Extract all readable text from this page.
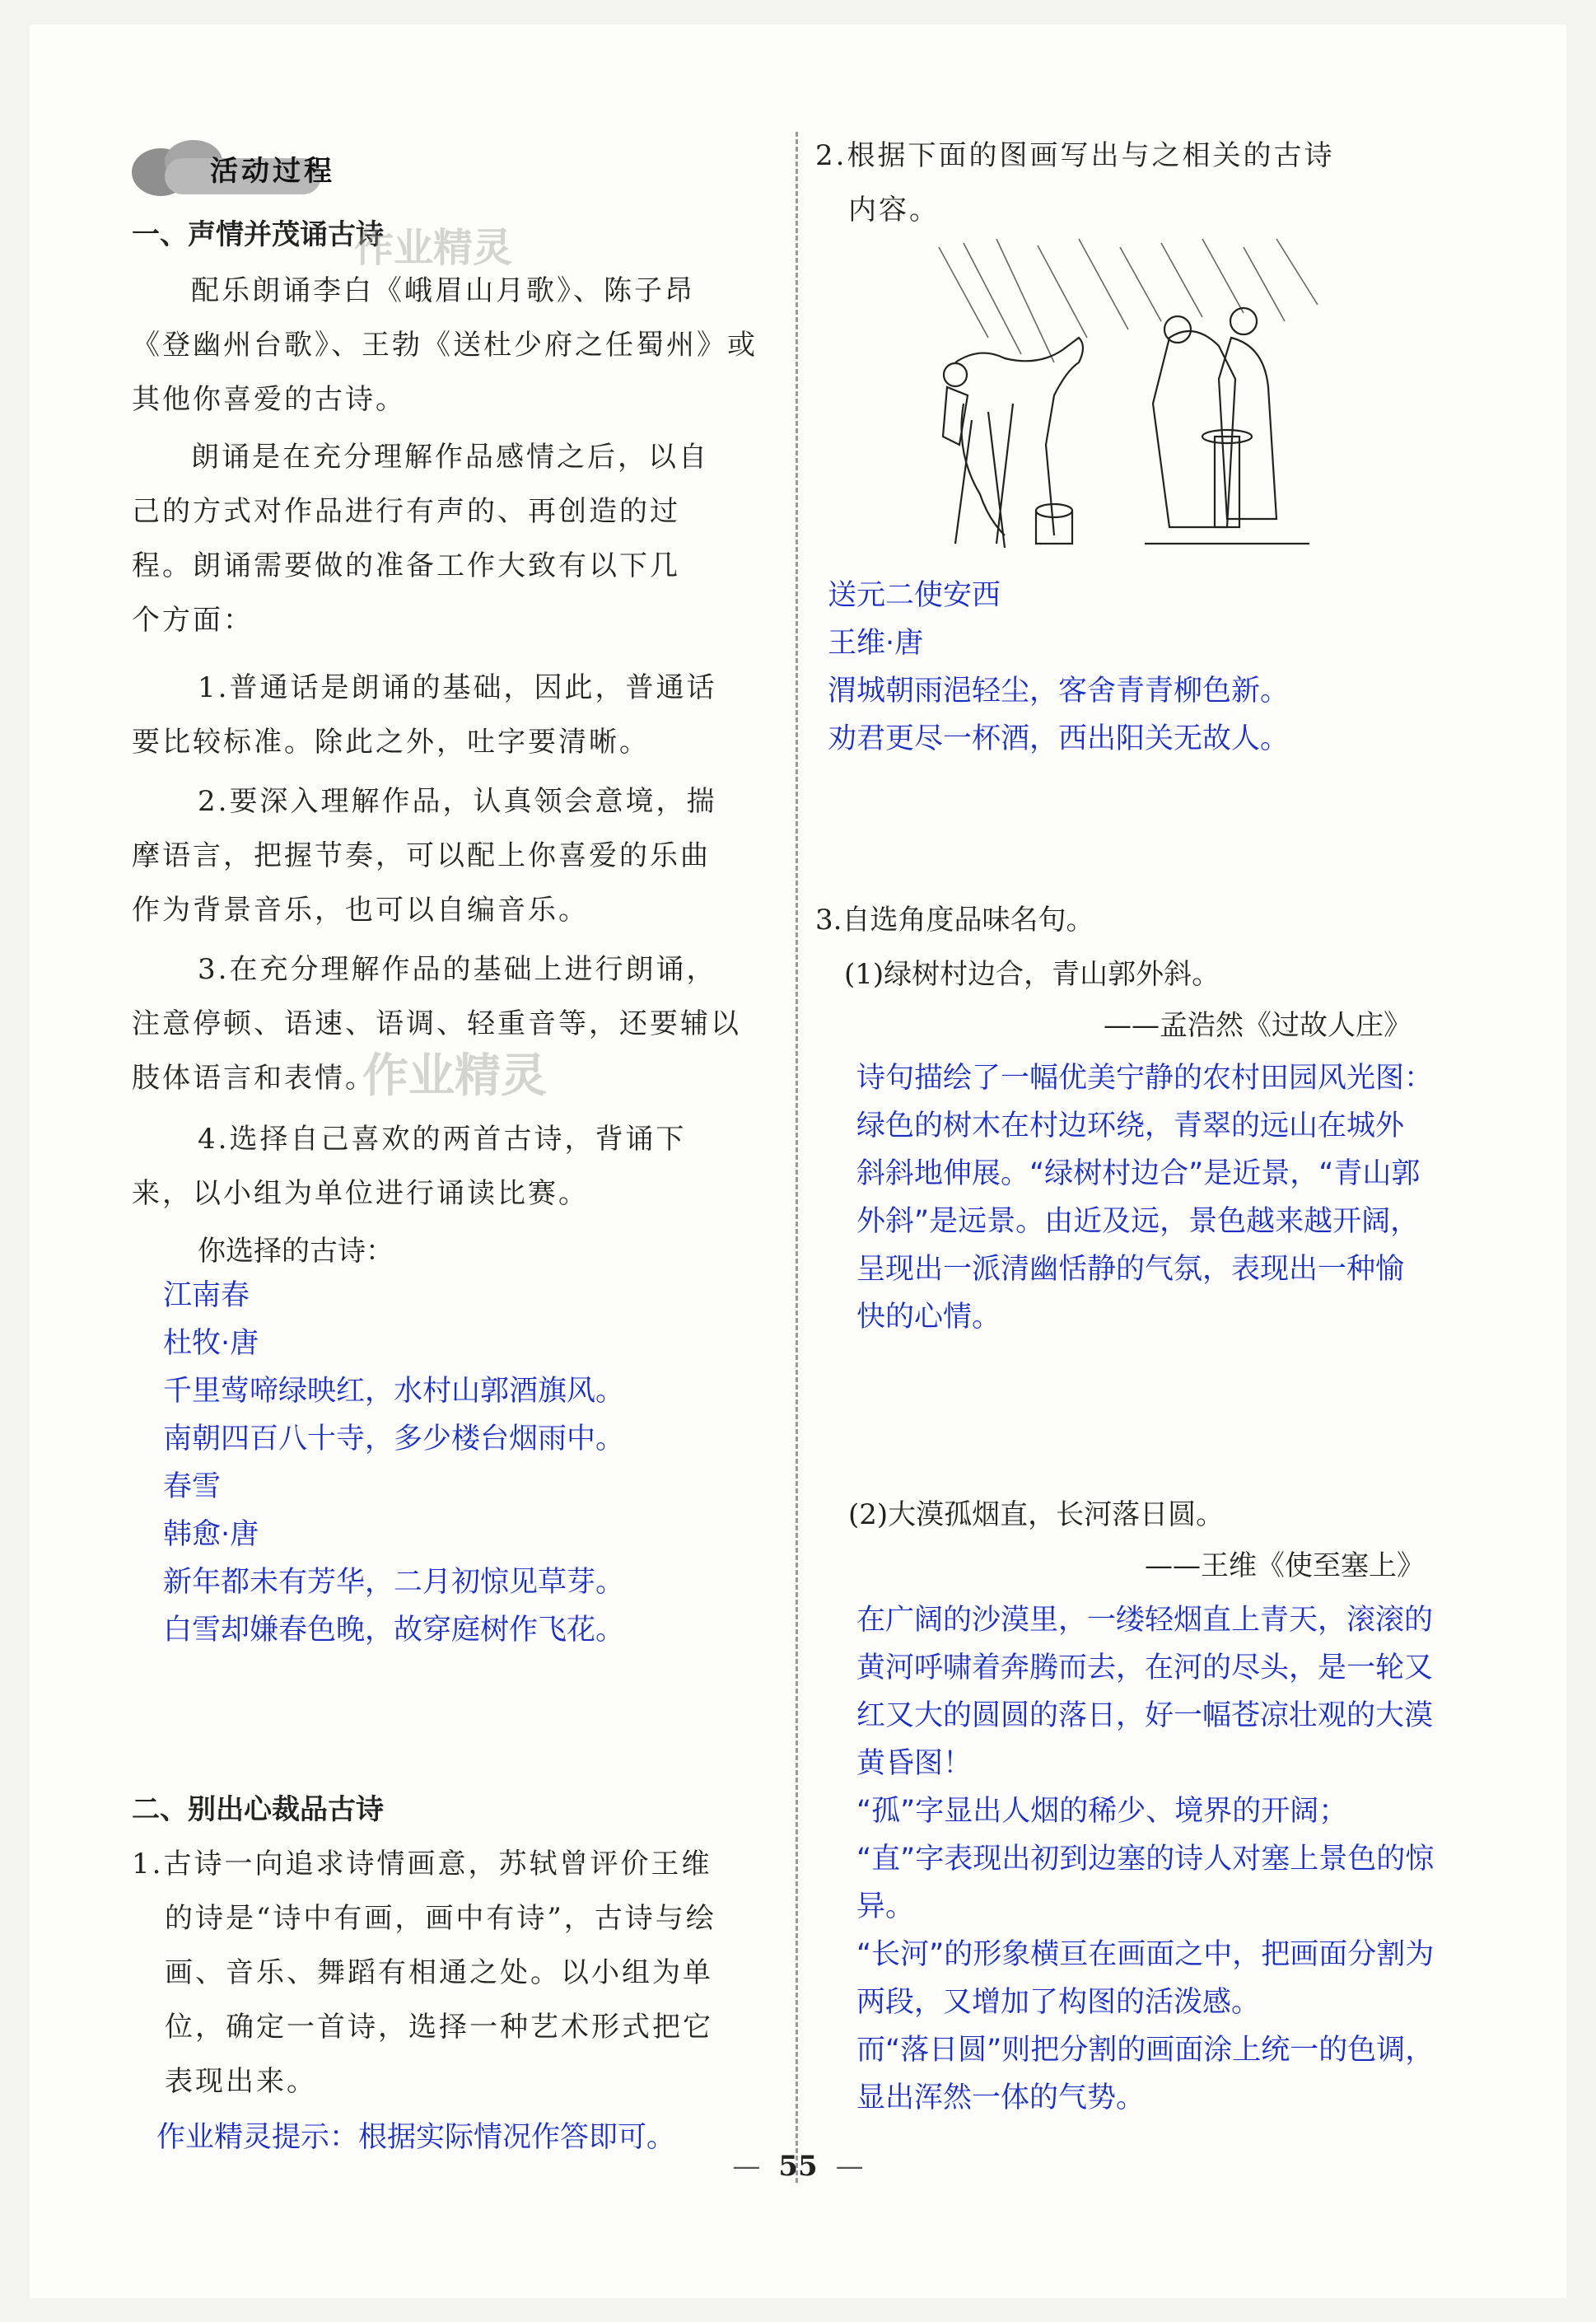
活动过程
一、声情并茂诵古诗
作业精灵
配乐朗诵李白《峨眉山月歌》、陈子昂
《登幽州台歌》、王勃《送杜少府之任蜀州》或
其他你喜爱的古诗。
朗诵是在充分理解作品感情之后，以自
己的方式对作品进行有声的、再创造的过
程。朗诵需要做的准备工作大致有以下几
个方面：
1.普通话是朗诵的基础，因此，普通话
要比较标准。除此之外，吐字要清晰。
2.要深入理解作品，认真领会意境，揣
摩语言，把握节奏，可以配上你喜爱的乐曲
作为背景音乐，也可以自编音乐。
3.在充分理解作品的基础上进行朗诵，
注意停顿、语速、语调、轻重音等，还要辅以
肢体语言和表情。
作业精灵
4.选择自己喜欢的两首古诗，背诵下
来，以小组为单位进行诵读比赛。
你选择的古诗：
江南春
杜牧·唐
千里莺啼绿映红，水村山郭酒旗风。
南朝四百八十寺，多少楼台烟雨中。
春雪
韩愈·唐
新年都未有芳华，二月初惊见草芽。
白雪却嫌春色晚，故穿庭树作飞花。
二、别出心裁品古诗
1.古诗一向追求诗情画意，苏轼曾评价王维
的诗是“诗中有画，画中有诗”，古诗与绘
画、音乐、舞蹈有相通之处。以小组为单
位，确定一首诗，选择一种艺术形式把它
表现出来。
作业精灵提示：根据实际情况作答即可。
2.根据下面的图画写出与之相关的古诗
内容。
送元二使安西
王维·唐
渭城朝雨浥轻尘，客舍青青柳色新。
劝君更尽一杯酒，西出阳关无故人。
3.自选角度品味名句。
(1)绿树村边合，青山郭外斜。
——孟浩然《过故人庄》
诗句描绘了一幅优美宁静的农村田园风光图：
绿色的树木在村边环绕，青翠的远山在城外
斜斜地伸展。“绿树村边合”是近景，“青山郭
外斜”是远景。由近及远，景色越来越开阔，
呈现出一派清幽恬静的气氛，表现出一种愉
快的心情。
(2)大漠孤烟直，长河落日圆。
——王维《使至塞上》
在广阔的沙漠里，一缕轻烟直上青天，滚滚的
黄河呼啸着奔腾而去，在河的尽头，是一轮又
红又大的圆圆的落日，好一幅苍凉壮观的大漠
黄昏图！
“孤”字显出人烟的稀少、境界的开阔；
“直”字表现出初到边塞的诗人对塞上景色的惊
异。
“长河”的形象横亘在画面之中，把画面分割为
两段，又增加了构图的活泼感。
而“落日圆”则把分割的画面涂上统一的色调，
显出浑然一体的气势。
— 55 —
